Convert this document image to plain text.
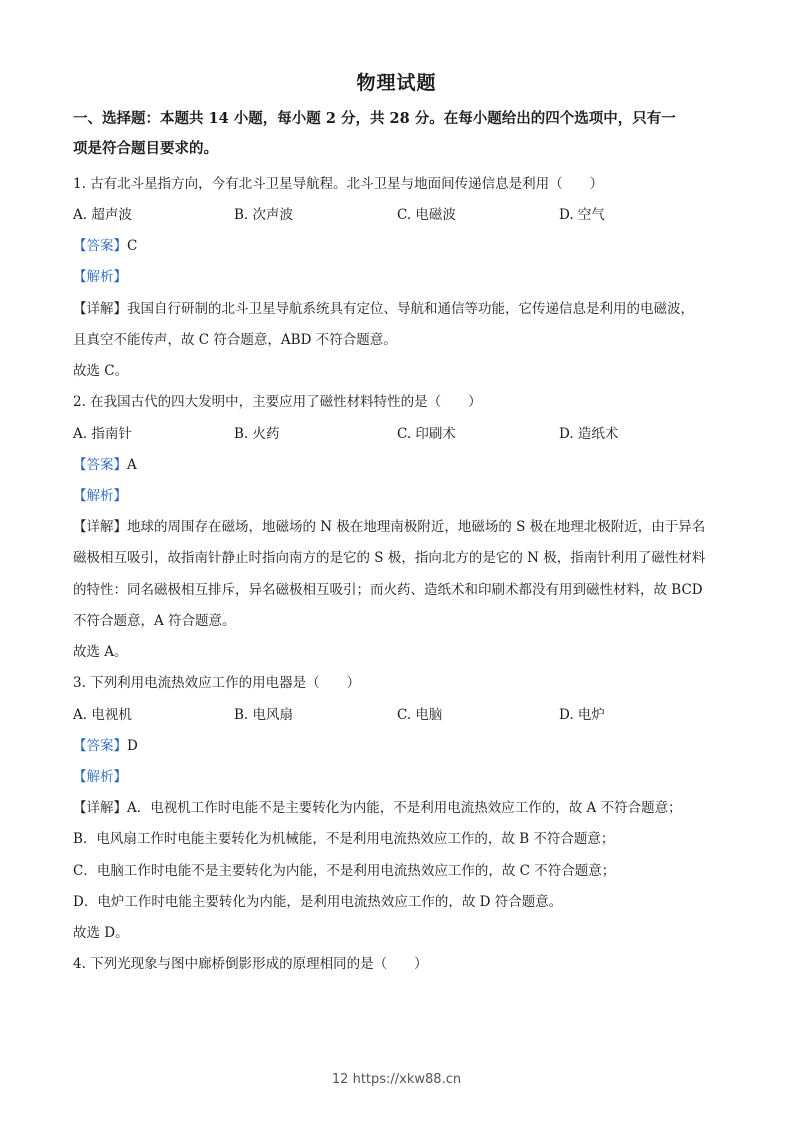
物理试题
一、选择题：本题共 14 小题，每小题 2 分，共 28 分。在每小题给出的四个选项中，只有一
项是符合题目要求的。
1. 古有北斗星指方向，今有北斗卫星导航程。北斗卫星与地面间传递信息是利用（　　）
A. 超声波	B. 次声波	C. 电磁波	D. 空气
【答案】C
【解析】
【详解】我国自行研制的北斗卫星导航系统具有定位、导航和通信等功能，它传递信息是利用的电磁波，
且真空不能传声，故 C 符合题意，ABD 不符合题意。
故选 C。
2. 在我国古代的四大发明中，主要应用了磁性材料特性的是（　　）
A. 指南针	B. 火药	C. 印刷术	D. 造纸术
【答案】A
【解析】
【详解】地球的周围存在磁场，地磁场的 N 极在地理南极附近，地磁场的 S 极在地理北极附近，由于异名
磁极相互吸引，故指南针静止时指向南方的是它的 S 极，指向北方的是它的 N 极，指南针利用了磁性材料
的特性：同名磁极相互排斥，异名磁极相互吸引；而火药、造纸术和印刷术都没有用到磁性材料，故 BCD
不符合题意，A 符合题意。
故选 A。
3. 下列利用电流热效应工作的用电器是（　　）
A. 电视机	B. 电风扇	C. 电脑	D. 电炉
【答案】D
【解析】
【详解】A．电视机工作时电能不是主要转化为内能，不是利用电流热效应工作的，故 A 不符合题意；
B．电风扇工作时电能主要转化为机械能，不是利用电流热效应工作的，故 B 不符合题意；
C．电脑工作时电能不是主要转化为内能，不是利用电流热效应工作的，故 C 不符合题意；
D．电炉工作时电能主要转化为内能，是利用电流热效应工作的，故 D 符合题意。
故选 D。
4. 下列光现象与图中廊桥倒影形成的原理相同的是（　　）
12 https://xkw88.cn
